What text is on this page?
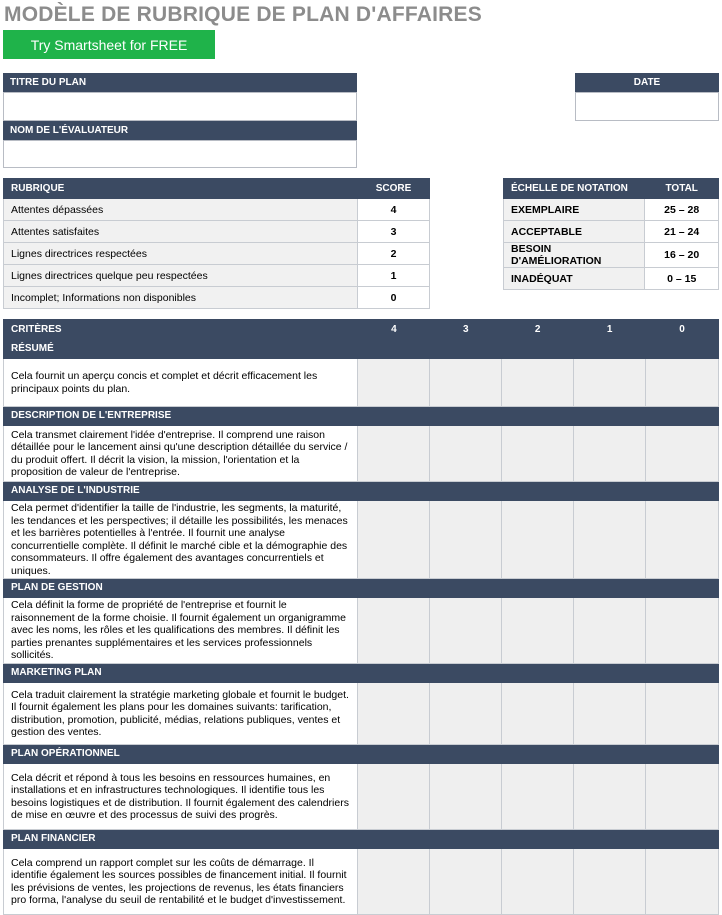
MODÈLE DE RUBRIQUE DE PLAN D'AFFAIRES
Try Smartsheet for FREE
TITRE DU PLAN
NOM DE L'ÉVALUATEUR
DATE
RUBRIQUE	SCORE
Attentes dépassées	4
Attentes satisfaites	3
Lignes directrices respectées	2
Lignes directrices quelque peu respectées	1
Incomplet; Informations non disponibles	0
ÉCHELLE DE NOTATION	TOTAL
EXEMPLAIRE	25 – 28
ACCEPTABLE	21 – 24
BESOIN D'AMÉLIORATION	16 – 20
INADÉQUAT	0 – 15
CRITÈRES	4	3	2	1	0
RÉSUMÉ					
Cela fournit un aperçu concis et complet et décrit efficacement les principaux points du plan.					
DESCRIPTION DE L'ENTREPRISE					
Cela transmet clairement l'idée d'entreprise. Il comprend une raison détaillée pour le lancement ainsi qu'une description détaillée du service / du produit offert. Il décrit la vision, la mission, l'orientation et la proposition de valeur de l'entreprise.					
ANALYSE DE L'INDUSTRIE					
Cela permet d'identifier la taille de l'industrie, les segments, la maturité, les tendances et les perspectives; il détaille les possibilités, les menaces et les barrières potentielles à l'entrée. Il fournit une analyse concurrentielle complète. Il définit le marché cible et la démographie des consommateurs. Il offre également des avantages concurrentiels et uniques.					
PLAN DE GESTION					
Cela définit la forme de propriété de l'entreprise et fournit le raisonnement de la forme choisie. Il fournit également un organigramme avec les noms, les rôles et les qualifications des membres. Il définit les parties prenantes supplémentaires et les services professionnels sollicités.					
MARKETING PLAN					
Cela traduit clairement la stratégie marketing globale et fournit le budget. Il fournit également les plans pour les domaines suivants: tarification, distribution, promotion, publicité, médias, relations publiques, ventes et gestion des ventes.					
PLAN OPÉRATIONNEL					
Cela décrit et répond à tous les besoins en ressources humaines, en installations et en infrastructures technologiques. Il identifie tous les besoins logistiques et de distribution. Il fournit également des calendriers de mise en œuvre et des processus de suivi des progrès.					
PLAN FINANCIER					
Cela comprend un rapport complet sur les coûts de démarrage. Il identifie également les sources possibles de financement initial. Il fournit les prévisions de ventes, les projections de revenus, les états financiers pro forma, l'analyse du seuil de rentabilité et le budget d'investissement.					
